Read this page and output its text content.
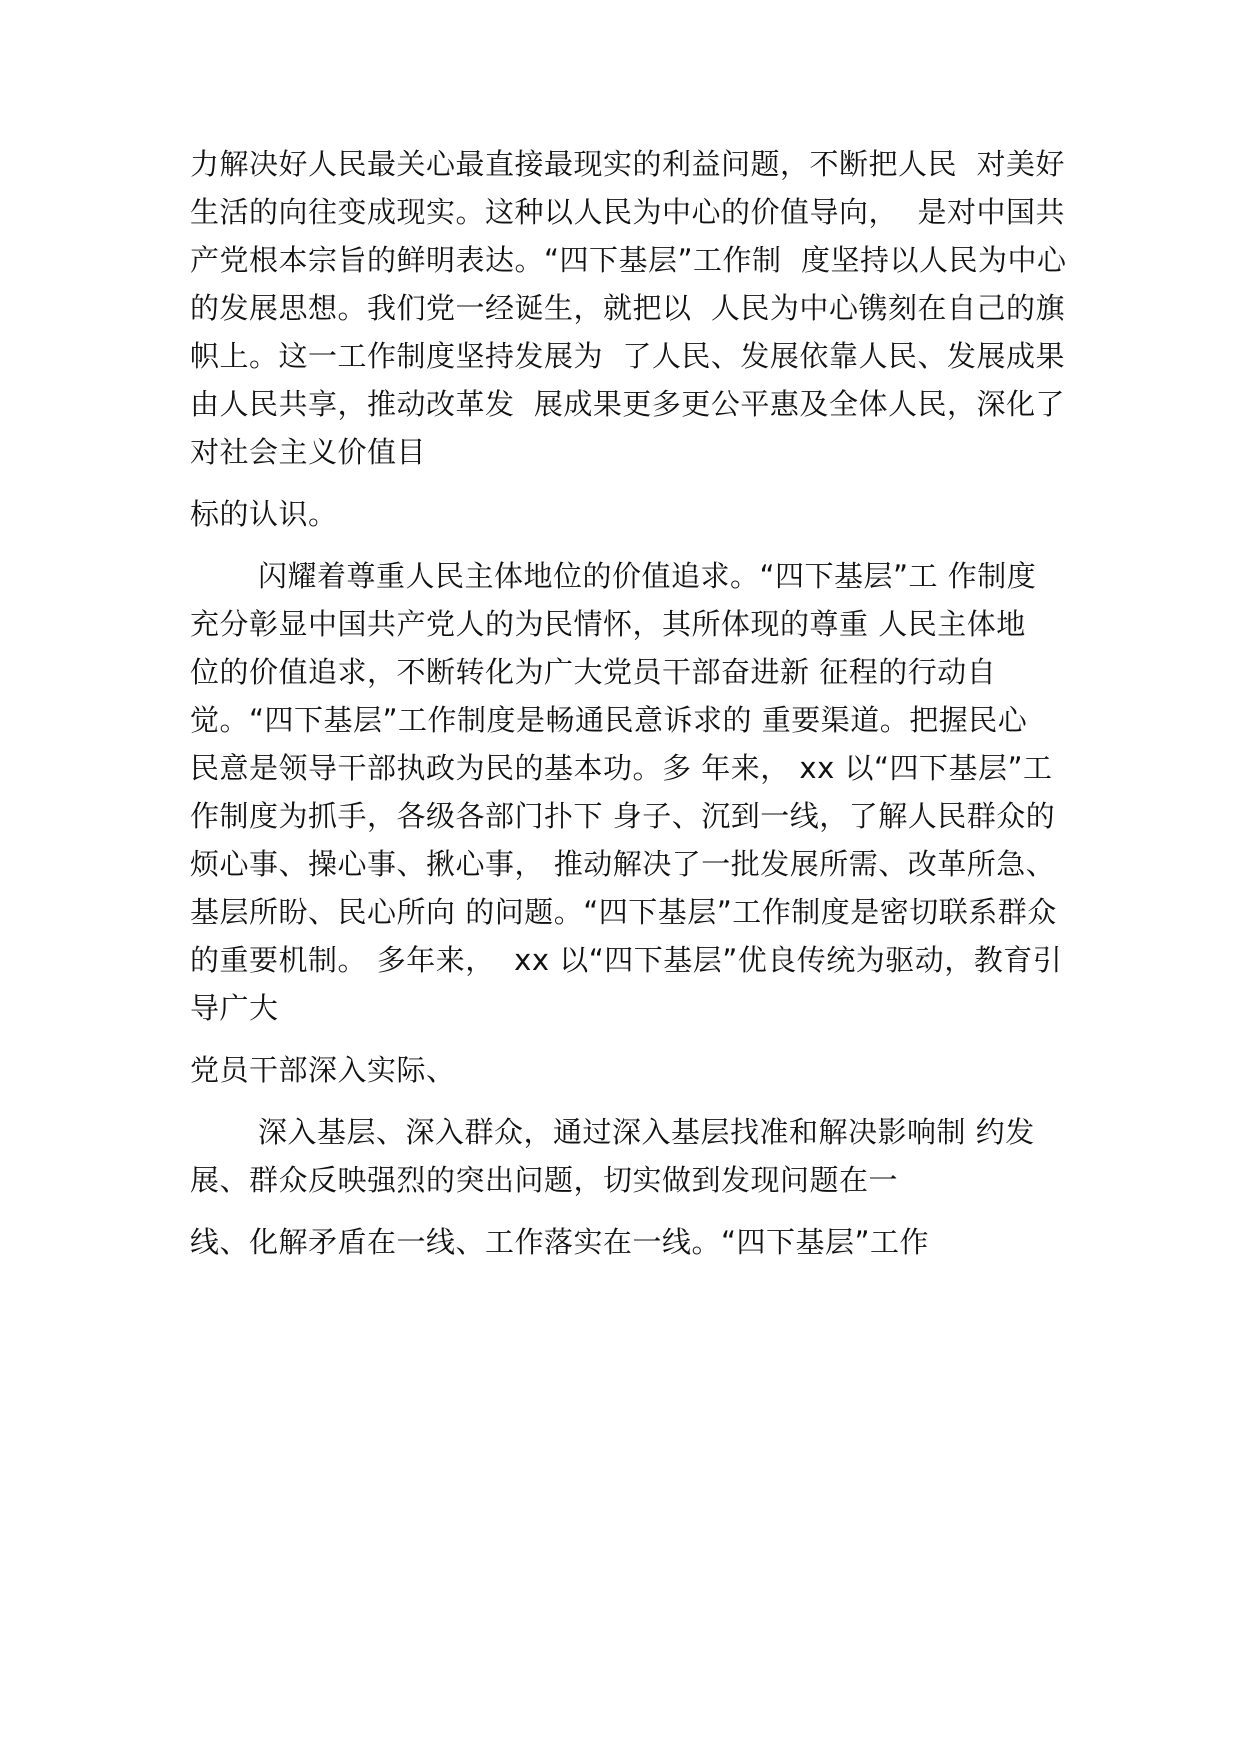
力解决好人民最关心最直接最现实的利益问题，不断把人民  对美好

生活的向往变成现实。这种以人民为中心的价值导向，  是对中国共

产党根本宗旨的鲜明表达。“四下基层”工作制  度坚持以人民为中心

的发展思想。我们党一经诞生，就把以  人民为中心镌刻在自己的旗

帜上。这一工作制度坚持发展为  了人民、发展依靠人民、发展成果

由人民共享，推动改革发  展成果更多更公平惠及全体人民，深化了

对社会主义价值目

标的认识。

闪耀着尊重人民主体地位的价值追求。“四下基层”工 作制度

充分彰显中国共产党人的为民情怀，其所体现的尊重 人民主体地

位的价值追求，不断转化为广大党员干部奋进新 征程的行动自

觉。“四下基层”工作制度是畅通民意诉求的 重要渠道。把握民心

民意是领导干部执政为民的基本功。多 年来， xx 以“四下基层”工

作制度为抓手，各级各部门扑下 身子、沉到一线，了解人民群众的

烦心事、操心事、揪心事， 推动解决了一批发展所需、改革所急、

基层所盼、民心所向 的问题。“四下基层”工作制度是密切联系群众

的重要机制。 多年来，  xx 以“四下基层”优良传统为驱动，教育引

导广大

党员干部深入实际、

深入基层、深入群众，通过深入基层找准和解决影响制 约发

展、群众反映强烈的突出问题，切实做到发现问题在一

线、化解矛盾在一线、工作落实在一线。“四下基层”工作
